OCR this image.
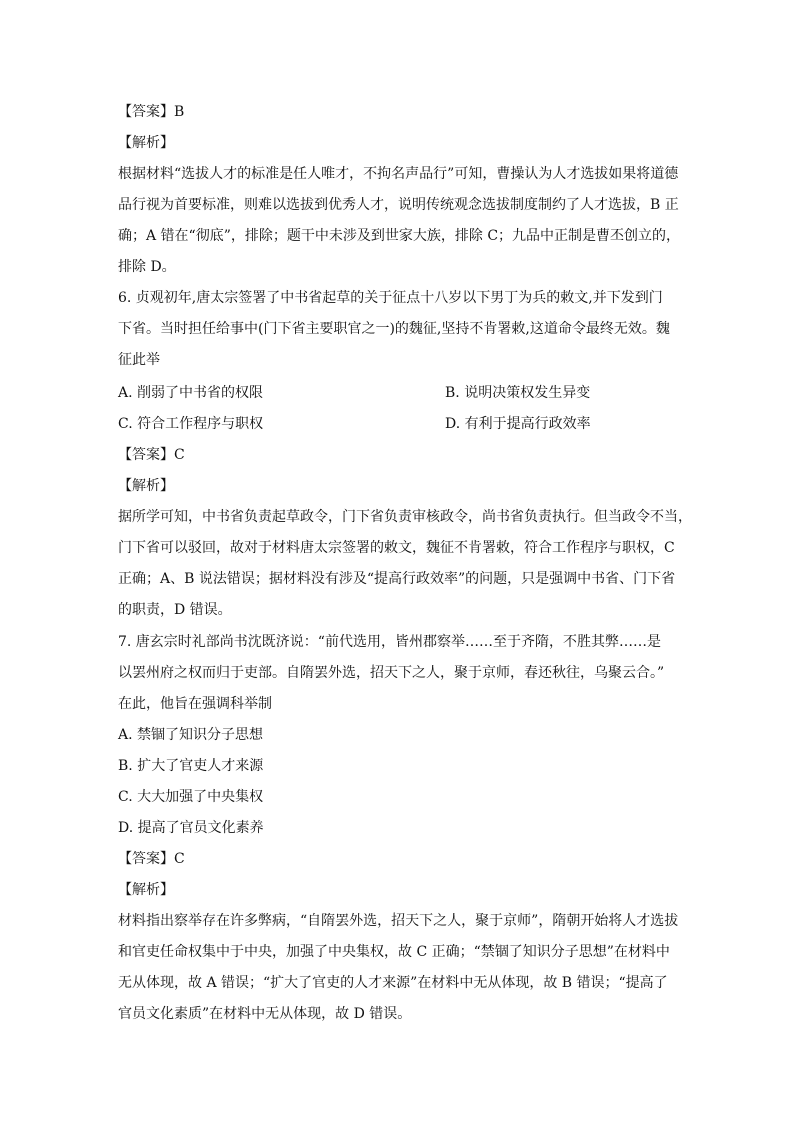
【答案】B
【解析】
根据材料“选拔人才的标准是任人唯才，不拘名声品行”可知，曹操认为人才选拔如果将道德
品行视为首要标准，则难以选拔到优秀人才，说明传统观念选拔制度制约了人才选拔，B 正
确；A 错在“彻底”，排除；题干中未涉及到世家大族，排除 C；九品中正制是曹丕创立的，
排除 D。
6. 贞观初年,唐太宗签署了中书省起草的关于征点十八岁以下男丁为兵的敕文,并下发到门
下省。当时担任给事中(门下省主要职官之一)的魏征,坚持不肯署敕,这道命令最终无效。魏
征此举
A. 削弱了中书省的权限	B. 说明决策权发生异变
C. 符合工作程序与职权	D. 有利于提高行政效率
【答案】C
【解析】
据所学可知，中书省负责起草政令，门下省负责审核政令，尚书省负责执行。但当政令不当，
门下省可以驳回，故对于材料唐太宗签署的敕文，魏征不肯署敕，符合工作程序与职权，C
正确；A、B 说法错误；据材料没有涉及“提高行政效率”的问题，只是强调中书省、门下省
的职责，D 错误。
7. 唐玄宗时礼部尚书沈既济说：“前代选用，皆州郡察举……至于齐隋，不胜其弊……是
以罢州府之权而归于吏部。自隋罢外选，招天下之人，聚于京师，春还秋往，乌聚云合。”
在此，他旨在强调科举制
A. 禁锢了知识分子思想
B. 扩大了官吏人才来源
C. 大大加强了中央集权
D. 提高了官员文化素养
【答案】C
【解析】
材料指出察举存在许多弊病，“自隋罢外选，招天下之人，聚于京师”，隋朝开始将人才选拔
和官吏任命权集中于中央，加强了中央集权，故 C 正确；“禁锢了知识分子思想”在材料中
无从体现，故 A 错误；“扩大了官吏的人才来源”在材料中无从体现，故 B 错误；“提高了
官员文化素质”在材料中无从体现，故 D 错误。
